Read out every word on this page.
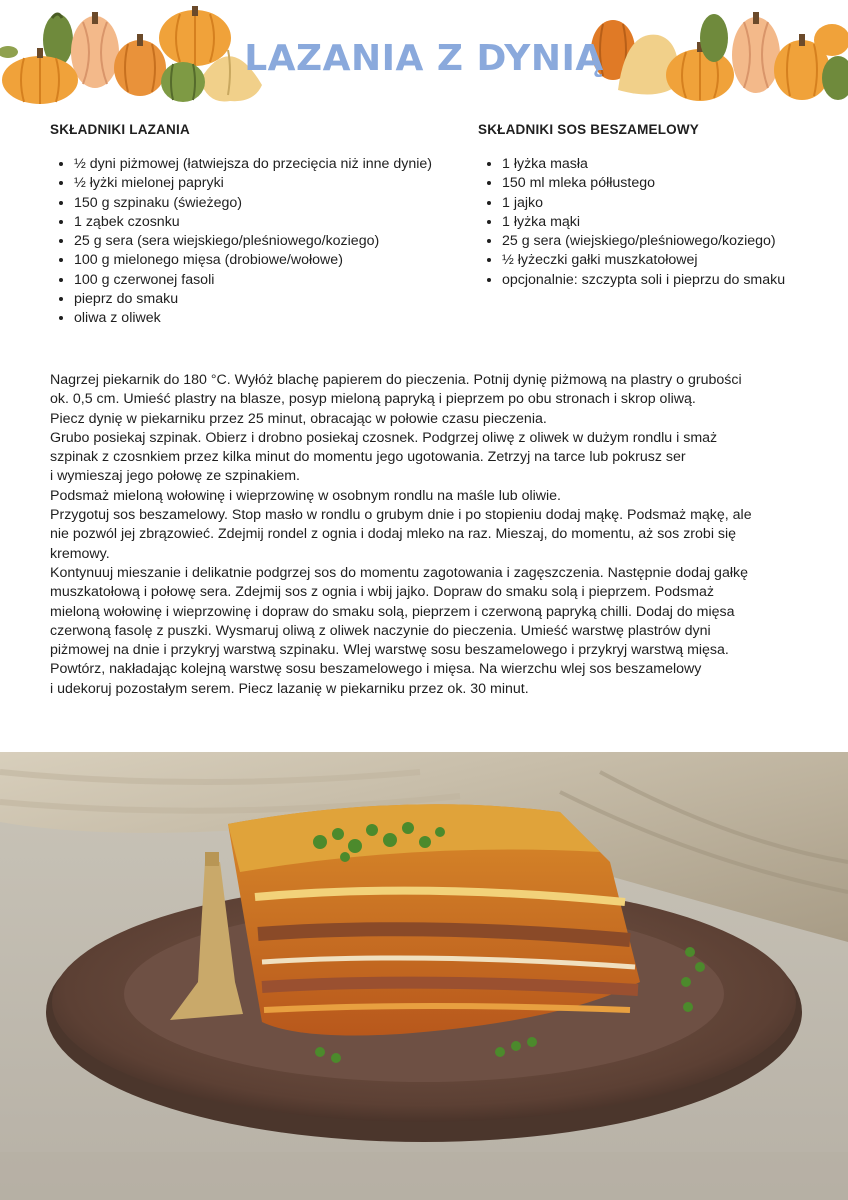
LAZANIA Z DYNIĄ
SKŁADNIKI LAZANIA
• ½ dyni piżmowej (łatwiejsza do przecięcia niż inne dynie)
• ½ łyżki mielonej papryki
• 150 g szpinaku (świeżego)
• 1 ząbek czosnku
• 25 g sera (sera wiejskiego/pleśniowego/koziego)
• 100 g mielonego mięsa (drobiowe/wołowe)
• 100 g czerwonej fasoli
• pieprz do smaku
• oliwa z oliwek
SKŁADNIKI SOS BESZAMELOWY
• 1 łyżka masła
• 150 ml mleka półłustego
• 1 jajko
• 1 łyżka mąki
• 25 g sera (wiejskiego/pleśniowego/koziego)
• ½ łyżeczki gałki muszkatołowej
• opcjonalnie: szczypta soli i pieprzu do smaku

Nagrzej piekarnik do 180 °C. Wyłóż blachę papierem do pieczenia. Potnij dynię piżmową na plastry o grubości

ok. 0,5 cm. Umieść plastry na blasze, posyp mieloną papryką i pieprzem po obu stronach i skrop oliwą.

Piecz dynię w piekarniku przez 25 minut, obracając w połowie czasu pieczenia.

Grubo posiekaj szpinak. Obierz i drobno posiekaj czosnek. Podgrzej oliwę z oliwek w dużym rondlu i smaż

szpinak z czosnkiem przez kilka minut do momentu jego ugotowania. Zetrzyj na tarce lub pokrusz ser

i wymieszaj jego połowę ze szpinakiem.

Podsmaż mieloną wołowinę i wieprzowinę w osobnym rondlu na maśle lub oliwie.

Przygotuj sos beszamelowy. Stop masło w rondlu o grubym dnie i po stopieniu dodaj mąkę. Podsmaż mąkę, ale

nie pozwól jej zbrązowieć. Zdejmij rondel z ognia i dodaj mleko na raz. Mieszaj, do momentu, aż sos zrobi się

kremowy.

Kontynuuj mieszanie i delikatnie podgrzej sos do momentu zagotowania i zagęszczenia. Następnie dodaj gałkę

muszkatołową i połowę sera. Zdejmij sos z ognia i wbij jajko. Dopraw do smaku solą i pieprzem. Podsmaż

mieloną wołowinę i wieprzowinę i dopraw do smaku solą, pieprzem i czerwoną papryką chilli. Dodaj do mięsa

czerwoną fasolę z puszki. Wysmaruj oliwą z oliwek naczynie do pieczenia. Umieść warstwę plastrów dyni

piżmowej na dnie i przykryj warstwą szpinaku. Wlej warstwę sosu beszamelowego i przykryj warstwą mięsa.

Powtórz, nakładając kolejną warstwę sosu beszamelowego i mięsa. Na wierzchu wlej sos beszamelowy

i udekoruj pozostałym serem. Piecz lazanię w piekarniku przez ok. 30 minut.
